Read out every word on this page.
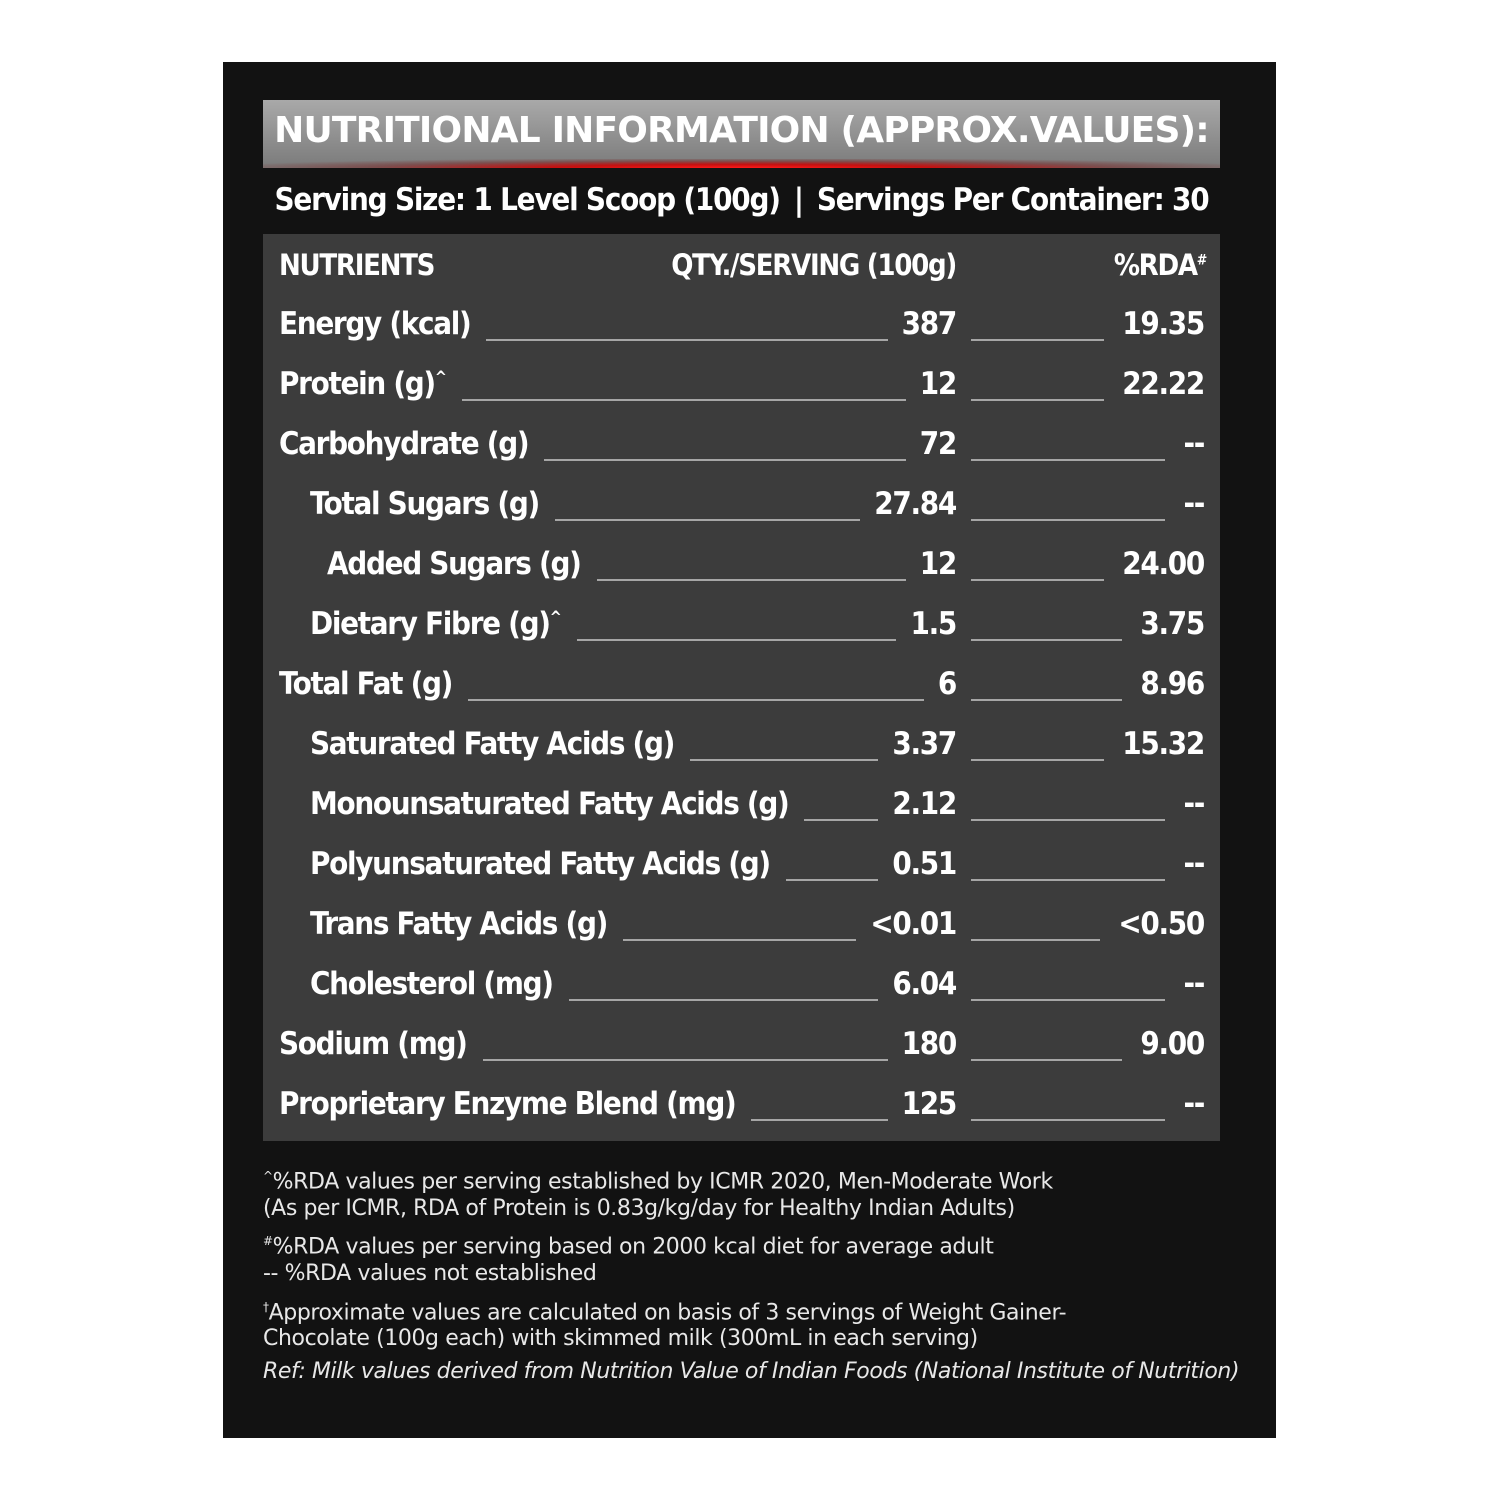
NUTRITIONAL INFORMATION (APPROX.VALUES):
Serving Size: 1 Level Scoop (100g) | Servings Per Container: 30
NUTRIENTS	QTY./SERVING (100g)	%RDA#
Energy (kcal)	387	19.35
Protein (g)^	12	22.22
Carbohydrate (g)	72	--
Total Sugars (g)	27.84	--
Added Sugars (g)	12	24.00
Dietary Fibre (g)^	1.5	3.75
Total Fat (g)	6	8.96
Saturated Fatty Acids (g)	3.37	15.32
Monounsaturated Fatty Acids (g)	2.12	--
Polyunsaturated Fatty Acids (g)	0.51	--
Trans Fatty Acids (g)	<0.01	<0.50
Cholesterol (mg)	6.04	--
Sodium (mg)	180	9.00
Proprietary Enzyme Blend (mg)	125	--
^%RDA values per serving established by ICMR 2020, Men-Moderate Work
(As per ICMR, RDA of Protein is 0.83g/kg/day for Healthy Indian Adults)
#%RDA values per serving based on 2000 kcal diet for average adult
-- %RDA values not established
†Approximate values are calculated on basis of 3 servings of Weight Gainer-
Chocolate (100g each) with skimmed milk (300mL in each serving)
Ref: Milk values derived from Nutrition Value of Indian Foods (National Institute of Nutrition)
